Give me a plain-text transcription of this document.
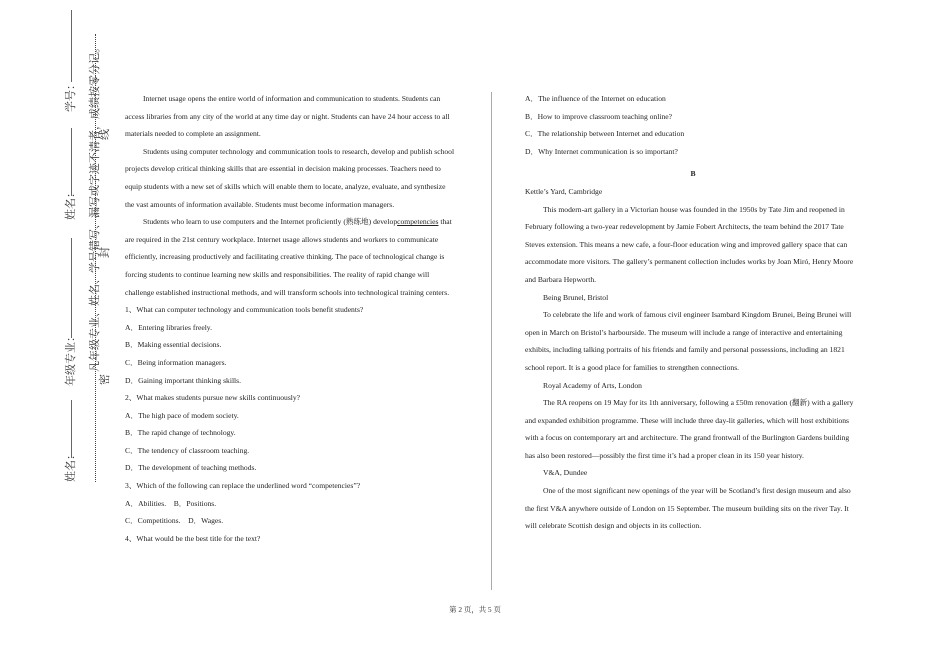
学号：
姓名：
年级专业：
姓名：
凡年级专业、姓名、学号错写、漏写或字迹不清者，成绩按零分记。
密
封
线

Internet usage opens the entire world of information and communication to students. Students can access libraries from any city of the world at any time day or night. Students can have 24 hour access to all materials needed to complete an assignment.

Students using computer technology and communication tools to research, develop and publish school projects develop critical thinking skills that are essential in decision making processes. Teachers need to equip students with a new set of skills which will enable them to locate, analyze, evaluate, and synthesize the vast amounts of information available. Students must become information managers.

Students who learn to use computers and the Internet proficiently (熟练地) developcompetencies that are required in the 21st century workplace. Internet usage allows students and workers to communicate efficiently, increasing productively and facilitating creative thinking. The pace of technological change is forcing students to continue learning new skills and responsibilities. The reality of rapid change will challenge established instructional methods, and will transform schools into technological training centers.

1、What can computer technology and communication tools benefit students?

A．Entering libraries freely.

B．Making essential decisions.

C．Being information managers.

D．Gaining important thinking skills.

2、What makes students pursue new skills continuously?

A．The high pace of modem society.

B．The rapid change of technology.

C．The tendency of classroom teaching.

D．The development of teaching methods.

3、Which of the following can replace the underlined word “competencies”?

A．Abilities.    B．Positions.

C．Competitions.    D．Wages.

4、What would be the best title for the text?

A．The influence of the Internet on education

B．How to improve classroom teaching online?

C．The relationship between Internet and education

D．Why Internet communication is so important?

B

Kettle’s Yard, Cambridge

This modern-art gallery in a Victorian house was founded in the 1950s by Tate Jim and reopened in February following a two-year redevelopment by Jamie Fobert Architects, the team behind the 2017 Tate Steves extension. This means a new cafe, a four-floor education wing and improved gallery space that can accommodate more visitors. The gallery’s permanent collection includes works by Joan Miró, Henry Moore and Barbara Hepworth.

Being Brunel, Bristol

To celebrate the life and work of famous civil engineer Isambard Kingdom Brunei, Being Brunei will open in March on Bristol’s harbourside. The museum will include a range of interactive and entertaining exhibits, including talking portraits of his friends and family and personal possessions, including an 1821 school report. It is a good place for families to strengthen connections.

Royal Academy of Arts, London

The RA reopens on 19 May for its 1th anniversary, following a £50m renovation (翻新) with a gallery and expanded exhibition programme. These will include three day-lit galleries, which will host exhibitions with a focus on contemporary art and architecture. The grand frontwall of the Burlington Gardens building has also been restored—possibly the first time it’s had a proper clean in its 150 year history.

V&A, Dundee

One of the most significant new openings of the year will be Scotland’s first design museum and also the first V&A anywhere outside of London on 15 September. The museum building sits on the river Tay. It will celebrate Scottish design and objects in its collection.

第 2 页，共 5 页
